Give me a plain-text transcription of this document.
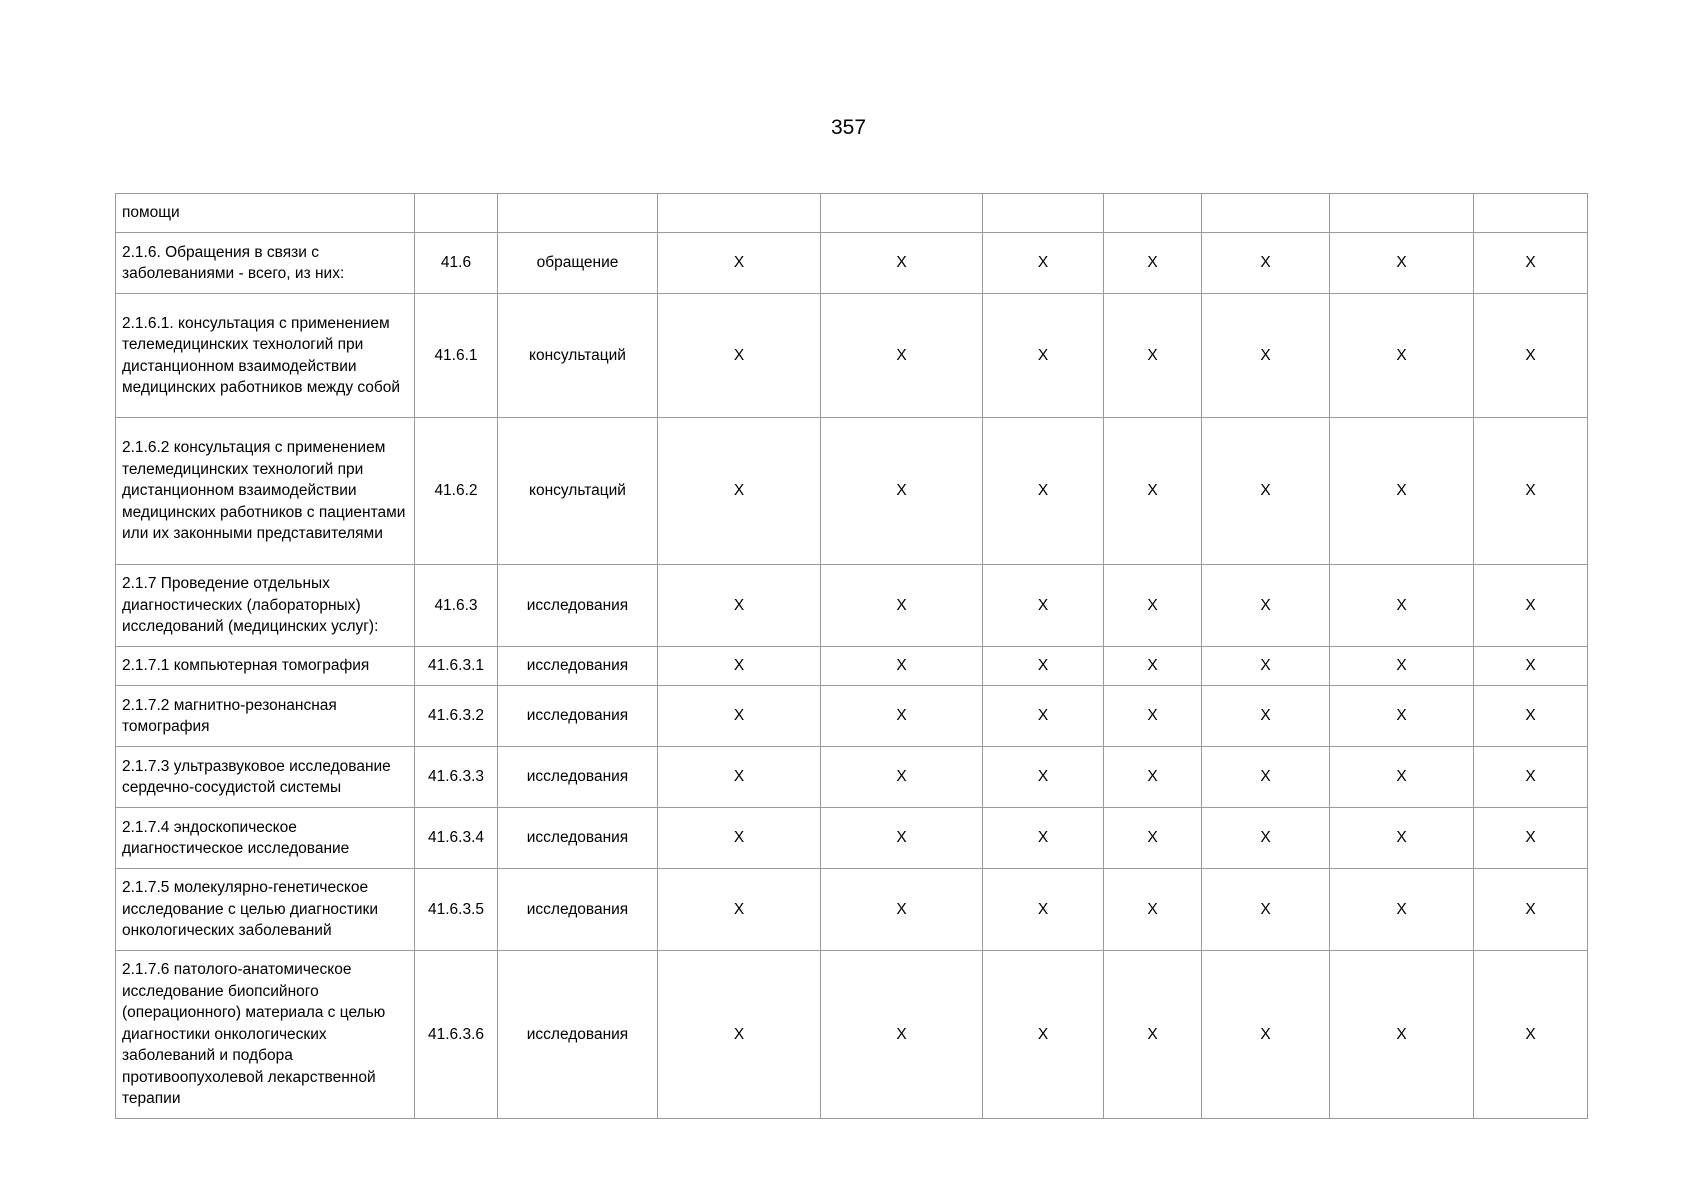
357
помощи									
2.1.6. Обращения в связи с заболеваниями - всего, из них:	41.6	обращение	X	X	X	X	X	X	X
2.1.6.1. консультация с применением телемедицинских технологий при дистанционном взаимодействии медицинских работников между собой	41.6.1	консультаций	X	X	X	X	X	X	X
2.1.6.2 консультация с применением телемедицинских технологий при дистанционном взаимодействии медицинских работников с пациентами или их законными представителями	41.6.2	консультаций	X	X	X	X	X	X	X
2.1.7 Проведение отдельных диагностических (лабораторных) исследований (медицинских услуг):	41.6.3	исследования	X	X	X	X	X	X	X
2.1.7.1 компьютерная томография	41.6.3.1	исследования	X	X	X	X	X	X	X
2.1.7.2 магнитно-резонансная томография	41.6.3.2	исследования	X	X	X	X	X	X	X
2.1.7.3 ультразвуковое исследование сердечно-сосудистой системы	41.6.3.3	исследования	X	X	X	X	X	X	X
2.1.7.4 эндоскопическое диагностическое исследование	41.6.3.4	исследования	X	X	X	X	X	X	X
2.1.7.5 молекулярно-генетическое исследование с целью диагностики онкологических заболеваний	41.6.3.5	исследования	X	X	X	X	X	X	X
2.1.7.6 патолого-анатомическое исследование биопсийного (операционного) материала с целью диагностики онкологических заболеваний и подбора противоопухолевой лекарственной терапии	41.6.3.6	исследования	X	X	X	X	X	X	X
